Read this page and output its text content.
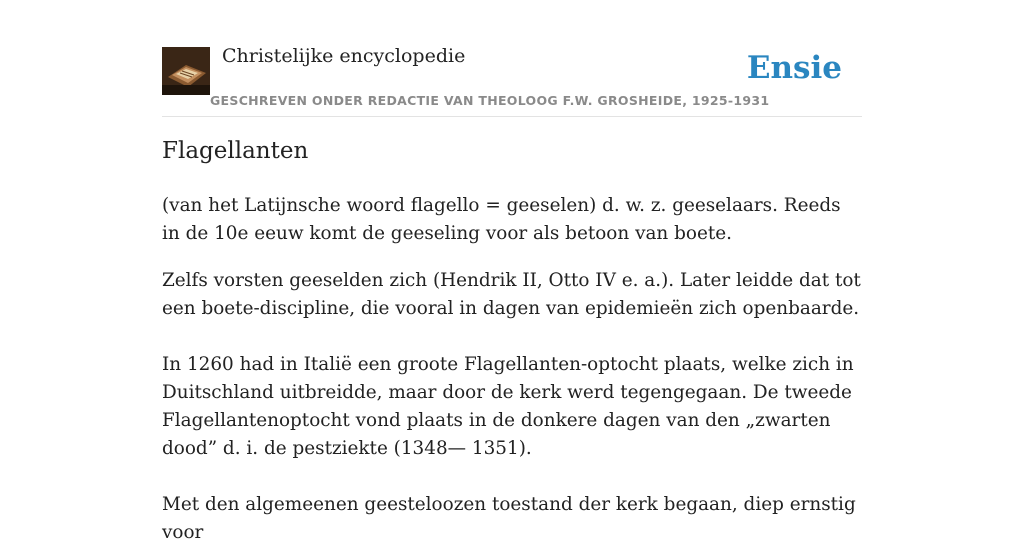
Christelijke encyclopedie
GESCHREVEN ONDER REDACTIE VAN THEOLOOG F.W. GROSHEIDE, 1925-1931
Ensie
Flagellanten

(van het Latijnsche woord flagello = geeselen) d. w. z. geeselaars. Reeds in de 10e eeuw komt de geeseling voor als betoon van boete.

Zelfs vorsten geeselden zich (Hendrik II, Otto IV e. a.). Later leidde dat tot een boete-discipline, die vooral in dagen van epidemieën zich openbaarde.

In 1260 had in Italië een groote Flagellanten-optocht plaats, welke zich in Duitschland uitbreidde, maar door de kerk werd tegengegaan. De tweede Flagellantenoptocht vond plaats in de donkere dagen van den „zwarten dood” d. i. de pestziekte (1348— 1351).

Met den algemeenen geesteloozen toestand der kerk begaan, diep ernstig voor
